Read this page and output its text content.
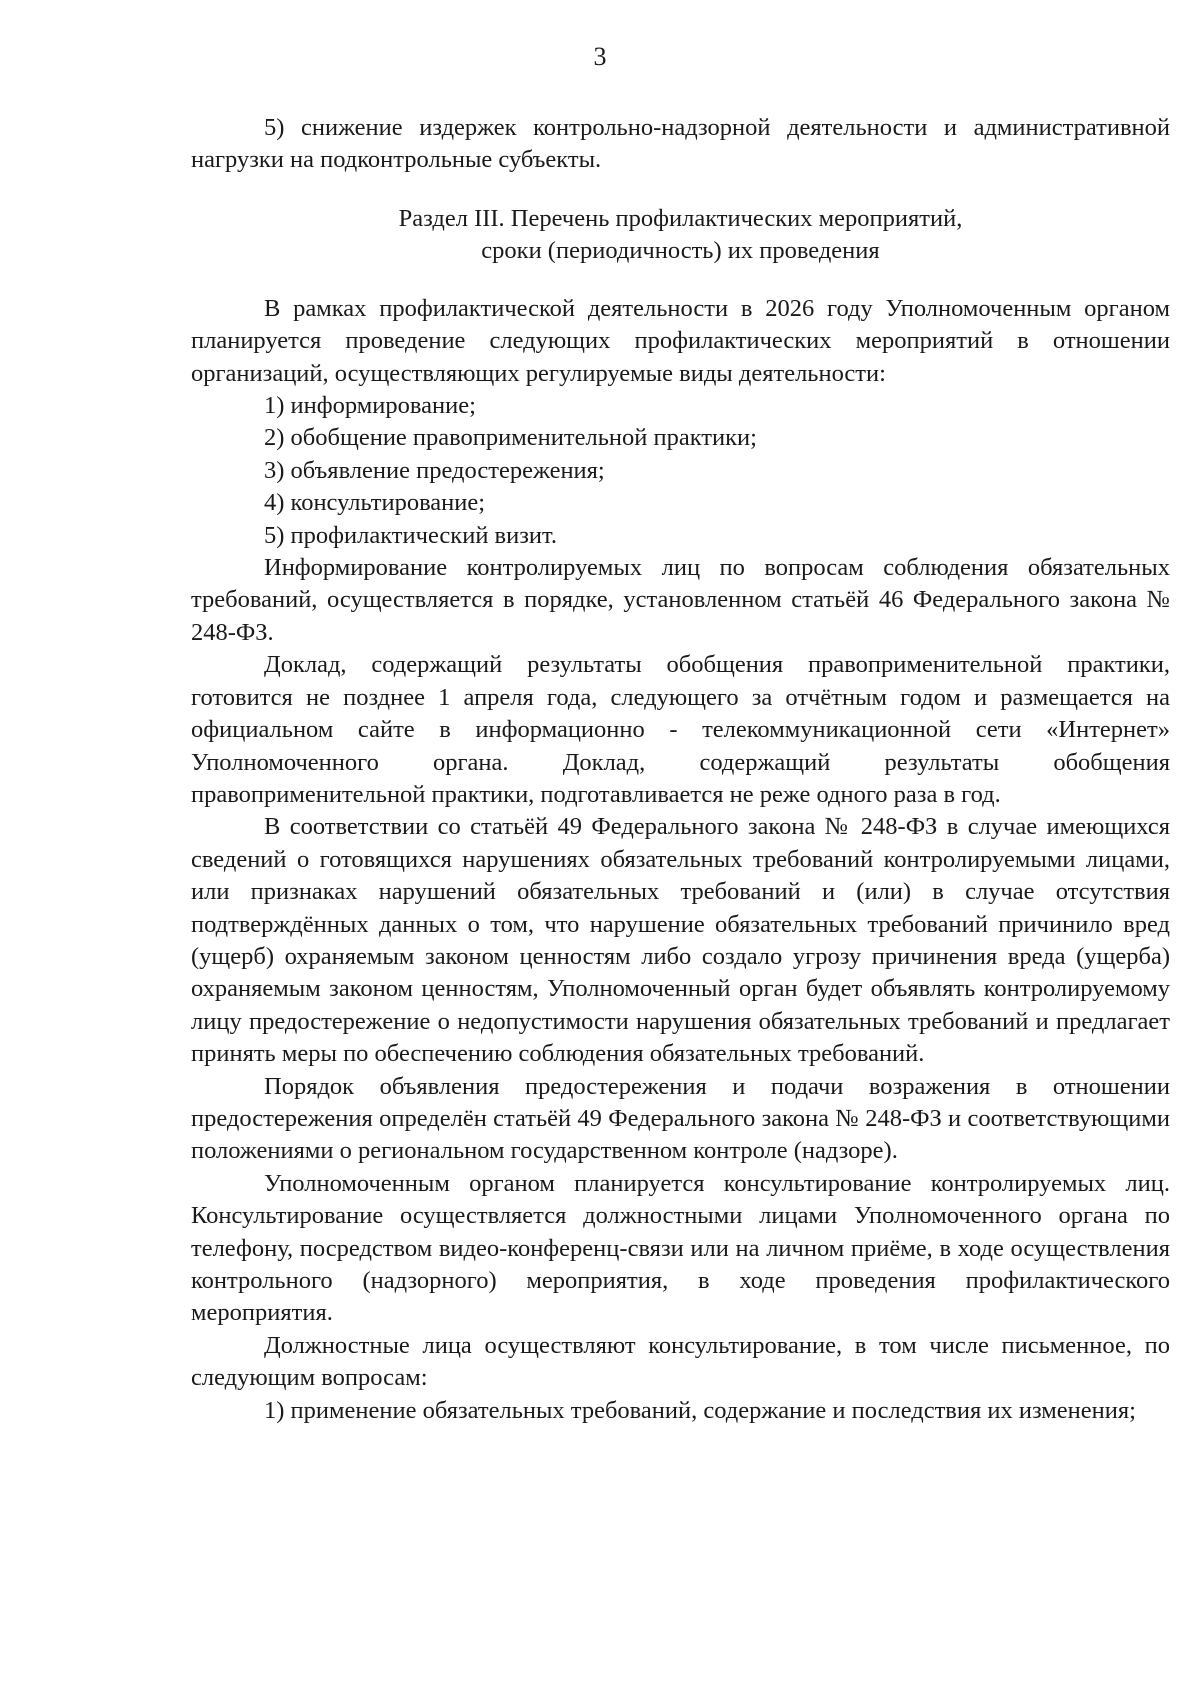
3

5) снижение издержек контрольно-надзорной деятельности и административной нагрузки на подконтрольные субъекты.

Раздел III. Перечень профилактических мероприятий,

сроки (периодичность) их проведения

В рамках профилактической деятельности в 2026 году Уполномоченным органом планируется проведение следующих профилактических мероприятий в отношении организаций, осуществляющих регулируемые виды деятельности:

1) информирование;

2) обобщение правоприменительной практики;

3) объявление предостережения;

4) консультирование;

5) профилактический визит.

Информирование контролируемых лиц по вопросам соблюдения обязательных требований, осуществляется в порядке, установленном статьёй 46 Федерального закона № 248-ФЗ.

Доклад, содержащий результаты обобщения правоприменительной практики, готовится не позднее 1 апреля года, следующего за отчётным годом и размещается на официальном сайте в информационно - телекоммуникационной сети «Интернет» Уполномоченного органа. Доклад, содержащий результаты обобщения правоприменительной практики, подготавливается не реже одного раза в год.

В соответствии со статьёй 49 Федерального закона № 248-ФЗ в случае имеющихся сведений о готовящихся нарушениях обязательных требований контролируемыми лицами, или признаках нарушений обязательных требований и (или) в случае отсутствия подтверждённых данных о том, что нарушение обязательных требований причинило вред (ущерб) охраняемым законом ценностям либо создало угрозу причинения вреда (ущерба) охраняемым законом ценностям, Уполномоченный орган будет объявлять контролируемому лицу предостережение о недопустимости нарушения обязательных требований и предлагает принять меры по обеспечению соблюдения обязательных требований.

Порядок объявления предостережения и подачи возражения в отношении предостережения определён статьёй 49 Федерального закона № 248-ФЗ и соответствующими положениями о региональном государственном контроле (надзоре).

Уполномоченным органом планируется консультирование контролируемых лиц. Консультирование осуществляется должностными лицами Уполномоченного органа по телефону, посредством видео-конференц-связи или на личном приёме, в ходе осуществления контрольного (надзорного) мероприятия, в ходе проведения профилактического мероприятия.

Должностные лица осуществляют консультирование, в том числе письменное, по следующим вопросам:

1) применение обязательных требований, содержание и последствия их изменения;
